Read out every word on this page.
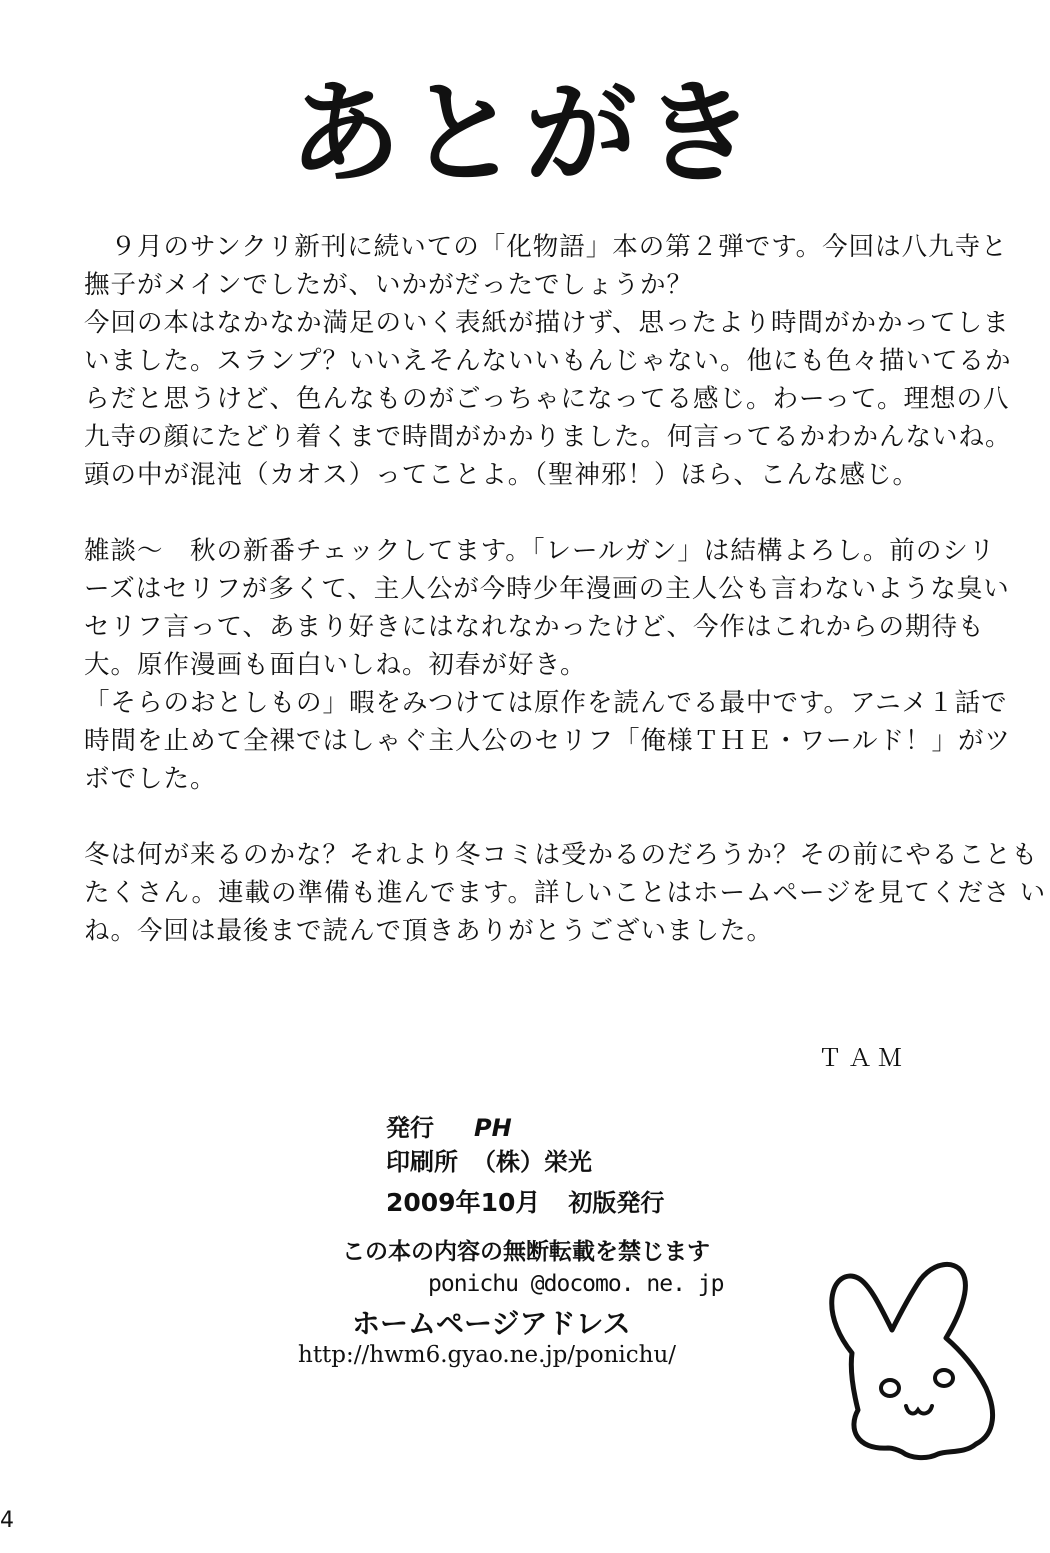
あとがき
　９月のサンクリ新刊に続いての「化物語」本の第２弾です。今回は八九寺と
撫子がメインでしたが、いかがだったでしょうか？
今回の本はなかなか満足のいく表紙が描けず、思ったより時間がかかってしま
いました。スランプ？いいえそんないいもんじゃない。他にも色々描いてるか
らだと思うけど、色んなものがごっちゃになってる感じ。わーって。理想の八
九寺の顔にたどり着くまで時間がかかりました。何言ってるかわかんないね。
頭の中が混沌（カオス）ってことよ。（聖神邪！）ほら、こんな感じ。
雑談～　秋の新番チェックしてます。「レールガン」は結構よろし。前のシリ
ーズはセリフが多くて、主人公が今時少年漫画の主人公も言わないような臭い
セリフ言って、あまり好きにはなれなかったけど、今作はこれからの期待も
大。原作漫画も面白いしね。初春が好き。
「そらのおとしもの」暇をみつけては原作を読んでる最中です。アニメ１話で
時間を止めて全裸ではしゃぐ主人公のセリフ「俺様ＴＨＥ・ワールド！」がツ
ボでした。
冬は何が来るのかな？それより冬コミは受かるのだろうか？その前にやることも
たくさん。連載の準備も進んでます。詳しいことはホームページを見てくださ い
ね。今回は最後まで読んで頂きありがとうございました。
ＴＡＭ
発行 PH
印刷所 （株）栄光
2009年10月 初版発行
この本の内容の無断転載を禁じます
ponichu @docomo. ne. jp
ホームページアドレス
http://hwm6.gyao.ne.jp/ponichu/
4
